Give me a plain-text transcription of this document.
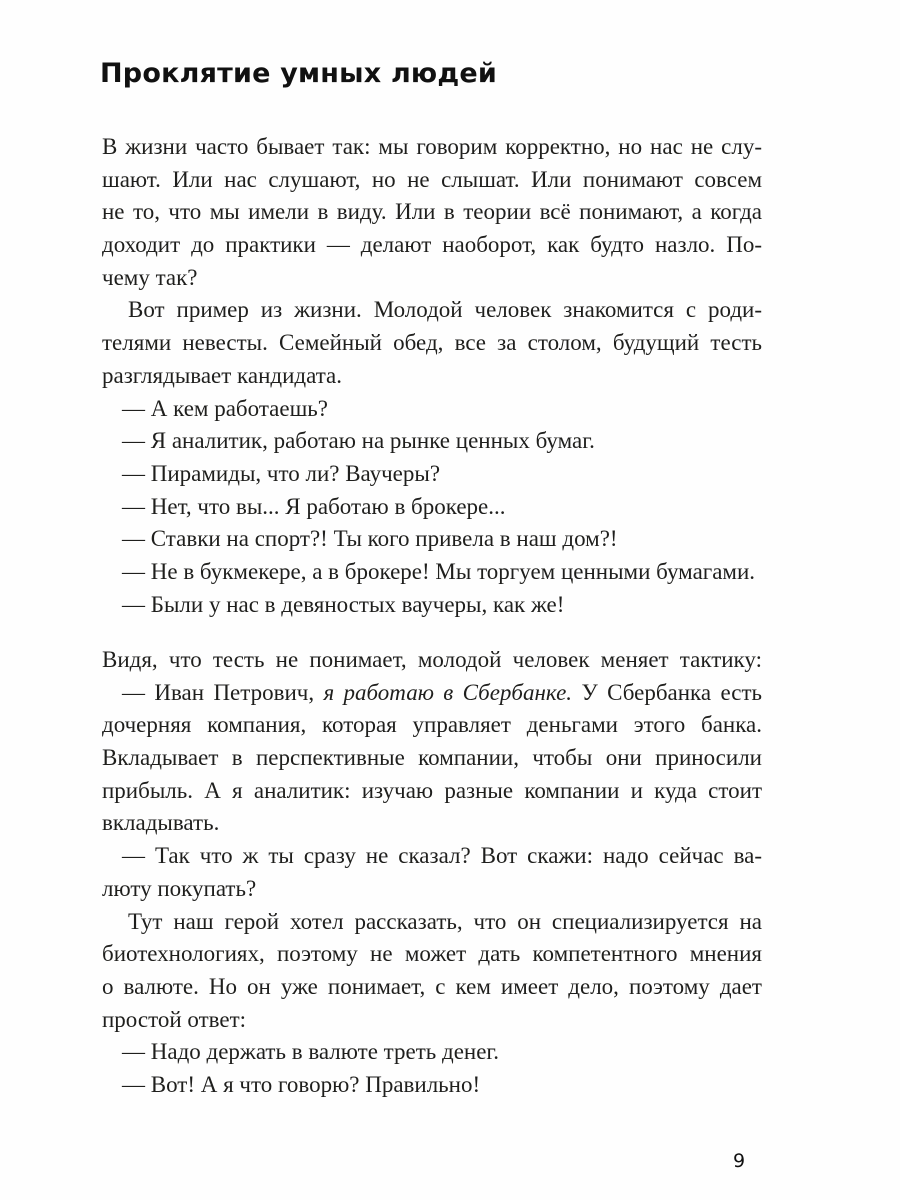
Проклятие умных людей
В жизни часто бывает так: мы говорим корректно, но нас не слу-
шают. Или нас слушают, но не слышат. Или понимают совсем
не то, что мы имели в виду. Или в теории всё понимают, а когда
доходит до практики — делают наоборот, как будто назло. По-
чему так?
Вот пример из жизни. Молодой человек знакомится с роди-
телями невесты. Семейный обед, все за столом, будущий тесть
разглядывает кандидата.
— А кем работаешь?
— Я аналитик, работаю на рынке ценных бумаг.
— Пирамиды, что ли? Ваучеры?
— Нет, что вы... Я работаю в брокере...
— Ставки на спорт?! Ты кого привела в наш дом?!
— Не в букмекере, а в брокере! Мы торгуем ценными бумагами.
— Были у нас в девяностых ваучеры, как же!
Видя, что тесть не понимает, молодой человек меняет тактику:
— Иван Петрович, я работаю в Сбербанке. У Сбербанка есть
дочерняя компания, которая управляет деньгами этого банка.
Вкладывает в перспективные компании, чтобы они приносили
прибыль. А я аналитик: изучаю разные компании и куда стоит
вкладывать.
— Так что ж ты сразу не сказал? Вот скажи: надо сейчас ва-
люту покупать?
Тут наш герой хотел рассказать, что он специализируется на
биотехнологиях, поэтому не может дать компетентного мнения
о валюте. Но он уже понимает, с кем имеет дело, поэтому дает
простой ответ:
— Надо держать в валюте треть денег.
— Вот! А я что говорю? Правильно!
9
